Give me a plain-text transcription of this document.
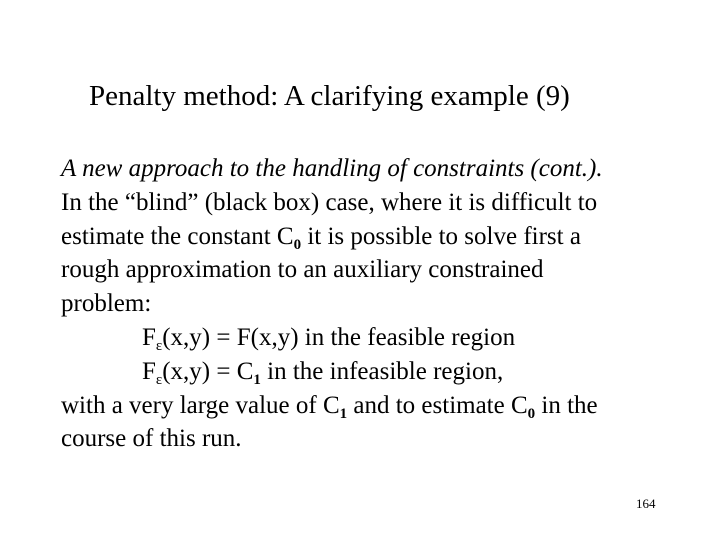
Penalty method: A clarifying example (9)
A new approach to the handling of constraints (cont.).
In the “blind” (black box) case, where it is difficult to
estimate the constant $C_0$ it is possible to solve first a
rough approximation to an auxiliary constrained
problem:
$F_\varepsilon(x,y) = F(x,y)$ in the feasible region
$F_\varepsilon(x,y) = C_1$ in the infeasible region,
with a very large value of $C_1$ and to estimate $C_0$ in the
course of this run.
164
